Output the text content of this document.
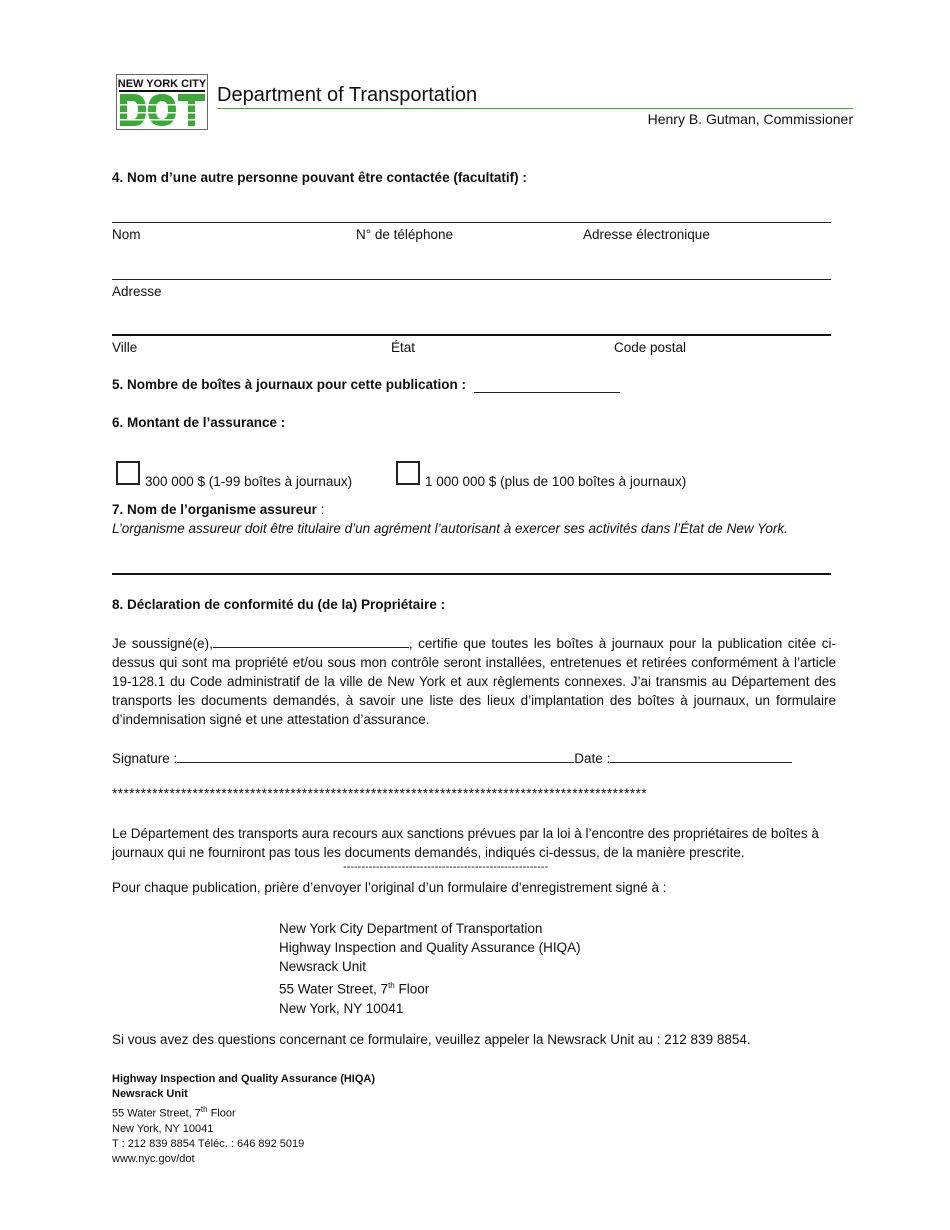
NEW YORK CITY Department of Transportation
Henry B. Gutman, Commissioner
4. Nom d’une autre personne pouvant être contactée (facultatif) :
Nom	N° de téléphone	Adresse électronique
Adresse
Ville	État	Code postal
5. Nombre de boîtes à journaux pour cette publication :
6. Montant de l’assurance :
300 000 $ (1-99 boîtes à journaux)	1 000 000 $ (plus de 100 boîtes à journaux)
7. Nom de l’organisme assureur :
L’organisme assureur doit être titulaire d’un agrément l’autorisant à exercer ses activités dans l’État de New York.
8. Déclaration de conformité du (de la) Propriétaire :
Je soussigné(e),	, certifie que toutes les boîtes à journaux pour la publication citée ci-dessus qui sont ma propriété et/ou sous mon contrôle seront installées, entretenues et retirées conformément à l’article 19-128.1 du Code administratif de la ville de New York et aux règlements connexes. J’ai transmis au Département des transports les documents demandés, à savoir une liste des lieux d’implantation des boîtes à journaux, un formulaire d’indemnisation signé et une attestation d’assurance.
Signature :	Date :
*********************************************************************************************
Le Département des transports aura recours aux sanctions prévues par la loi à l’encontre des propriétaires de boîtes à journaux qui ne fourniront pas tous les documents demandés, indiqués ci-dessus, de la manière prescrite.
--------------------------------------------------------
Pour chaque publication, prière d’envoyer l’original d’un formulaire d’enregistrement signé à :
New York City Department of Transportation
Highway Inspection and Quality Assurance (HIQA)
Newsrack Unit
55 Water Street, 7th Floor
New York, NY 10041
Si vous avez des questions concernant ce formulaire, veuillez appeler la Newsrack Unit au : 212 839 8854.
Highway Inspection and Quality Assurance (HIQA)
Newsrack Unit
55 Water Street, 7th Floor
New York, NY 10041
T : 212 839 8854 Téléc. : 646 892 5019
www.nyc.gov/dot
